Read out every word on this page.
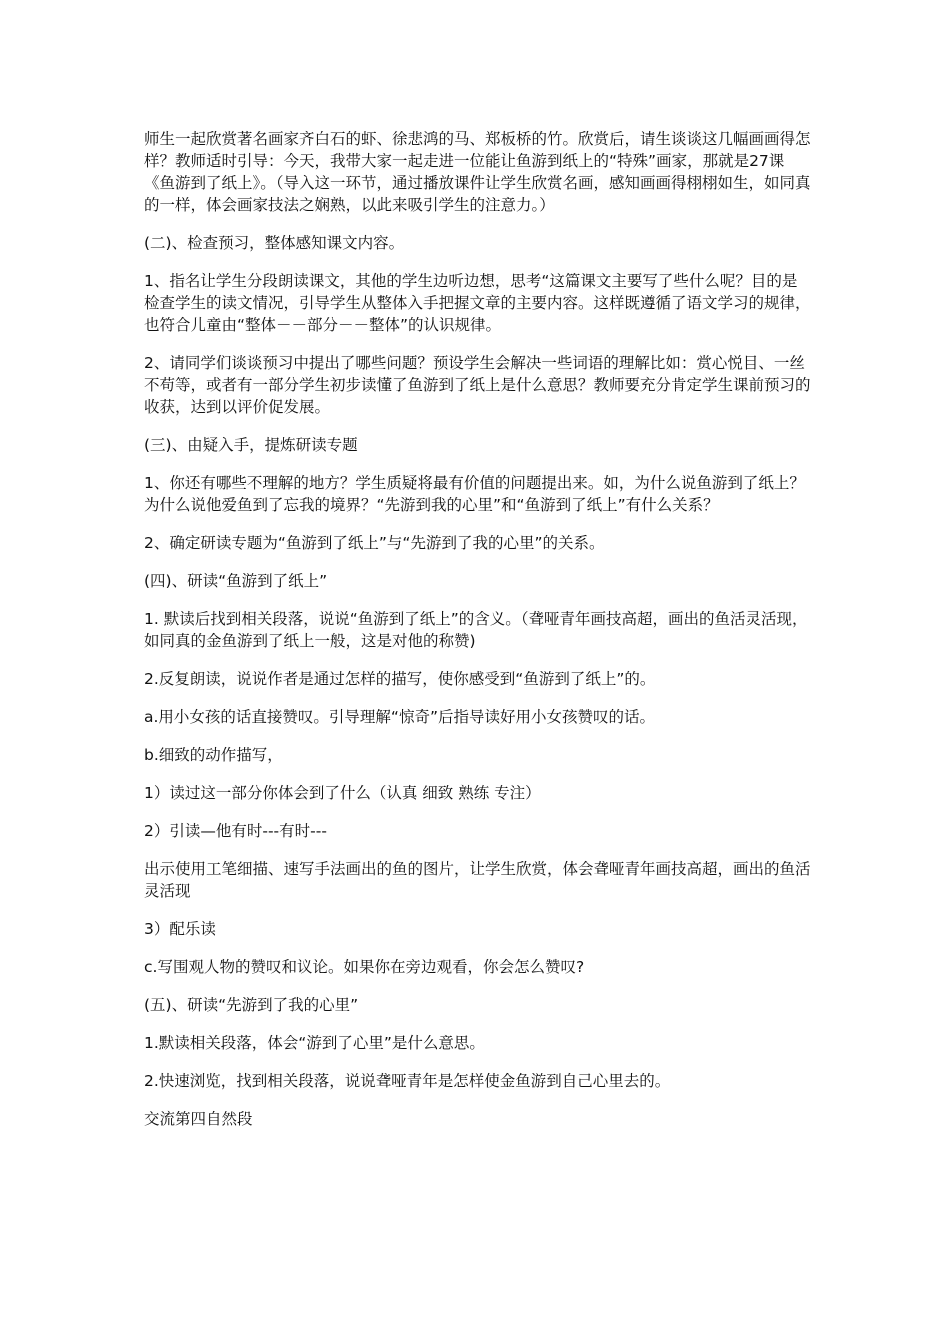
师生一起欣赏著名画家齐白石的虾、徐悲鸿的马、郑板桥的竹。欣赏后，请生谈谈这几幅画画得怎样？教师适时引导：今天，我带大家一起走进一位能让鱼游到纸上的“特殊”画家，那就是27课《鱼游到了纸上》。（导入这一环节，通过播放课件让学生欣赏名画，感知画画得栩栩如生，如同真的一样，体会画家技法之娴熟，以此来吸引学生的注意力。）

(二)、检查预习，整体感知课文内容。

1、指名让学生分段朗读课文，其他的学生边听边想，思考“这篇课文主要写了些什么呢？目的是检查学生的读文情况，引导学生从整体入手把握文章的主要内容。这样既遵循了语文学习的规律，也符合儿童由“整体－－部分－－整体”的认识规律。

2、请同学们谈谈预习中提出了哪些问题？预设学生会解决一些词语的理解比如：赏心悦目、一丝不苟等，或者有一部分学生初步读懂了鱼游到了纸上是什么意思？教师要充分肯定学生课前预习的收获，达到以评价促发展。

(三)、由疑入手，提炼研读专题

1、你还有哪些不理解的地方？学生质疑将最有价值的问题提出来。如，为什么说鱼游到了纸上？为什么说他爱鱼到了忘我的境界？“先游到我的心里”和“鱼游到了纸上”有什么关系？

2、确定研读专题为“鱼游到了纸上”与“先游到了我的心里”的关系。

(四)、研读“鱼游到了纸上”

1. 默读后找到相关段落，说说“鱼游到了纸上”的含义。（聋哑青年画技高超，画出的鱼活灵活现，如同真的金鱼游到了纸上一般，这是对他的称赞)

2.反复朗读，说说作者是通过怎样的描写，使你感受到“鱼游到了纸上”的。

a.用小女孩的话直接赞叹。引导理解“惊奇”后指导读好用小女孩赞叹的话。

b.细致的动作描写，

1）读过这一部分你体会到了什么（认真 细致 熟练 专注）

2）引读—他有时---有时---

出示使用工笔细描、速写手法画出的鱼的图片，让学生欣赏，体会聋哑青年画技高超，画出的鱼活灵活现

3）配乐读

c.写围观人物的赞叹和议论。如果你在旁边观看，你会怎么赞叹?

(五)、研读“先游到了我的心里”

1.默读相关段落，体会“游到了心里”是什么意思。

2.快速浏览，找到相关段落，说说聋哑青年是怎样使金鱼游到自己心里去的。

交流第四自然段
